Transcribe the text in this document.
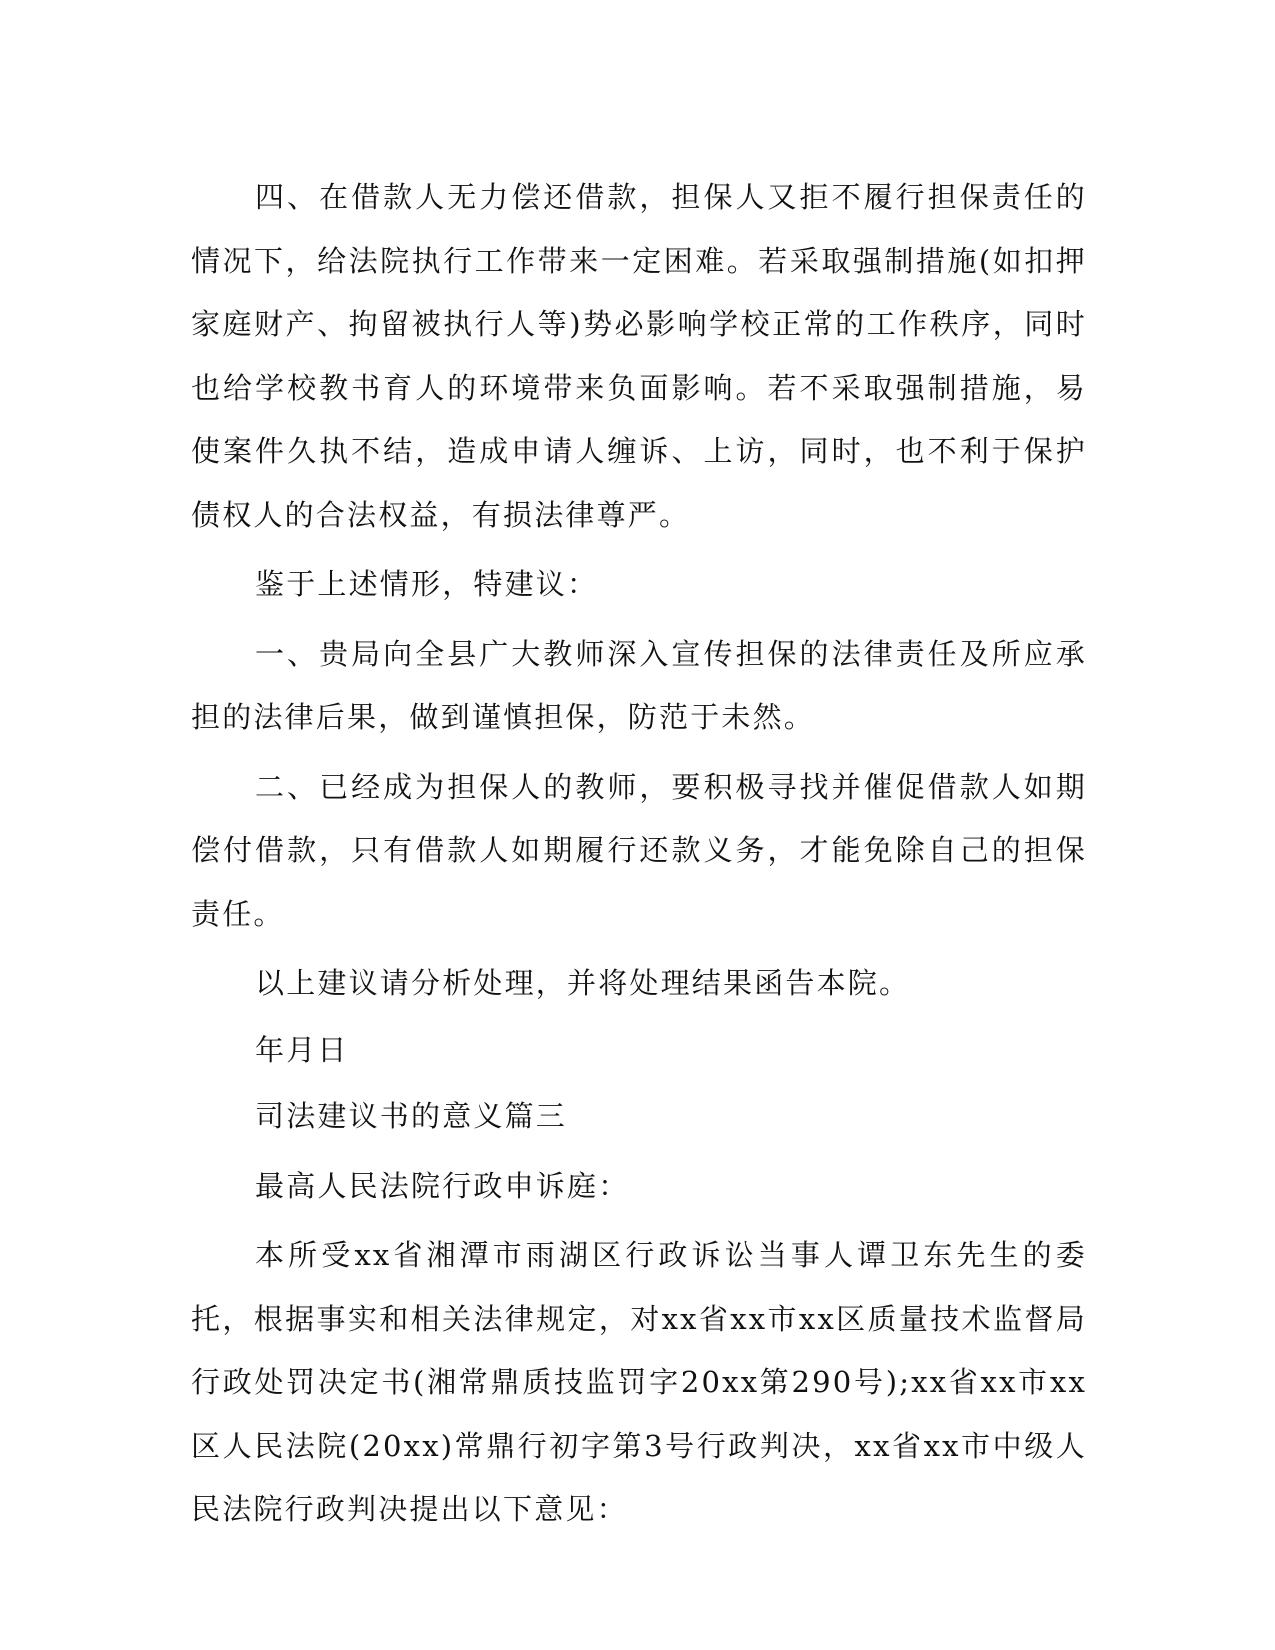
四、在借款人无力偿还借款，担保人又拒不履行担保责任的情况下，给法院执行工作带来一定困难。若采取强制措施(如扣押家庭财产、拘留被执行人等)势必影响学校正常的工作秩序，同时也给学校教书育人的环境带来负面影响。若不采取强制措施，易使案件久执不结，造成申请人缠诉、上访，同时，也不利于保护债权人的合法权益，有损法律尊严。

鉴于上述情形，特建议：

一、贵局向全县广大教师深入宣传担保的法律责任及所应承担的法律后果，做到谨慎担保，防范于未然。

二、已经成为担保人的教师，要积极寻找并催促借款人如期偿付借款，只有借款人如期履行还款义务，才能免除自己的担保责任。

以上建议请分析处理，并将处理结果函告本院。

年月日

司法建议书的意义篇三

最高人民法院行政申诉庭：

本所受xx省湘潭市雨湖区行政诉讼当事人谭卫东先生的委托，根据事实和相关法律规定，对xx省xx市xx区质量技术监督局行政处罚决定书(湘常鼎质技监罚字20xx第290号);xx省xx市xx区人民法院(20xx)常鼎行初字第3号行政判决，xx省xx市中级人民法院行政判决提出以下意见：
